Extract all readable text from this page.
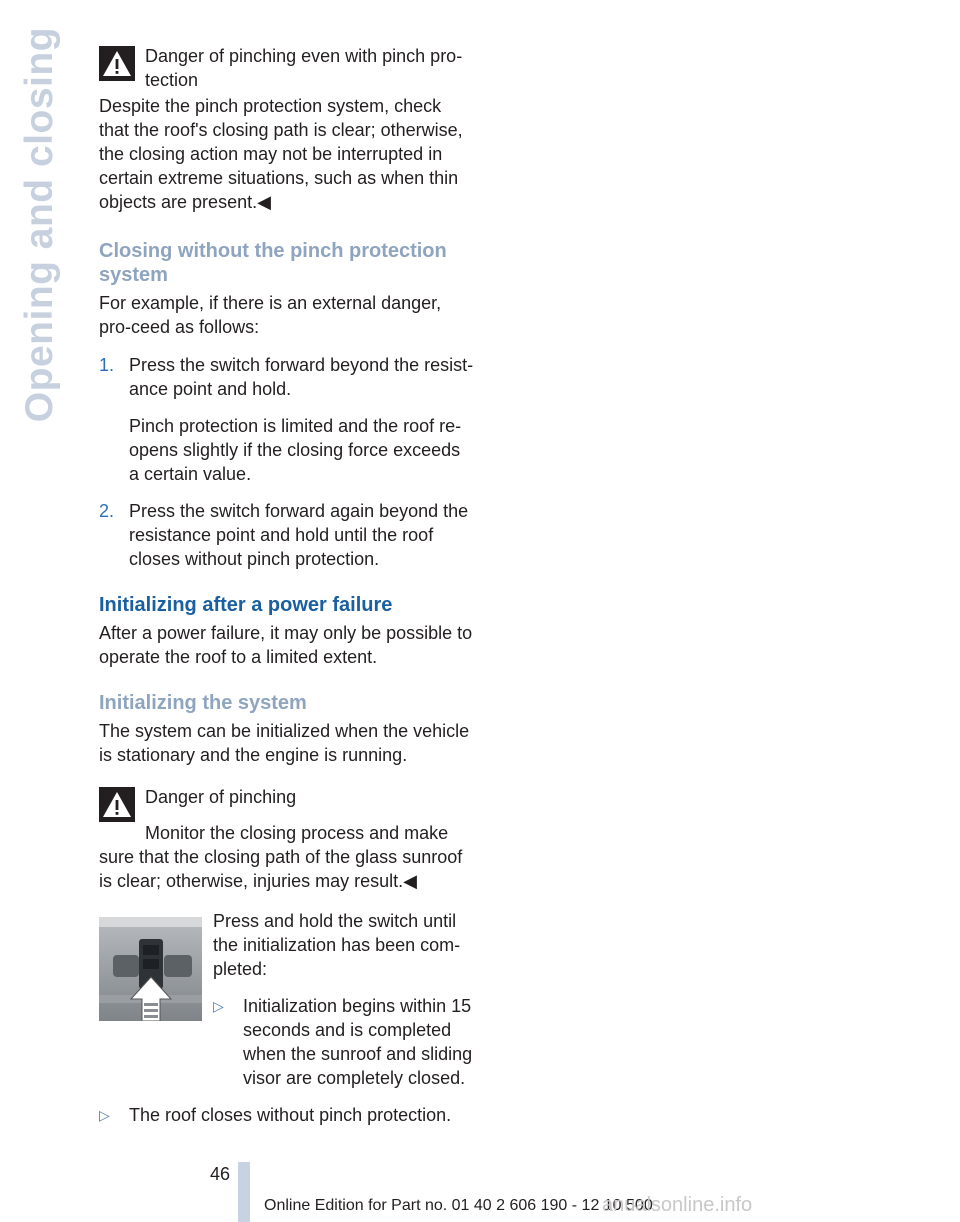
Opening and closing	Danger of pinching even with pinch pro‐
tection

Despite the pinch protection system, check that the roof's closing path is clear; otherwise, the closing action may not be interrupted in certain extreme situations, such as when thin objects are present.◀

Closing without the pinch protection system

For example, if there is an external danger, pro‐ceed as follows:

1. Press the switch forward beyond the resist‐ance point and hold.
Pinch protection is limited and the roof re‐opens slightly if the closing force exceeds a certain value.
2. Press the switch forward again beyond the resistance point and hold until the roof closes without pinch protection.
Initializing after a power failure

After a power failure, it may only be possible to operate the roof to a limited extent.

Initializing the system

The system can be initialized when the vehicle is stationary and the engine is running.

Danger of pinching
Monitor the closing process and make

sure that the closing path of the glass sunroof is clear; otherwise, injuries may result.◀

Press and hold the switch until the initialization has been com‐pleted:

▷	Initialization begins within 15 seconds and is completed when the sunroof and sliding visor are completely closed.
▷	The roof closes without pinch protection.
46
Online Edition for Part no. 01 40 2 606 190 - 12 10 500
anualsonline.info
